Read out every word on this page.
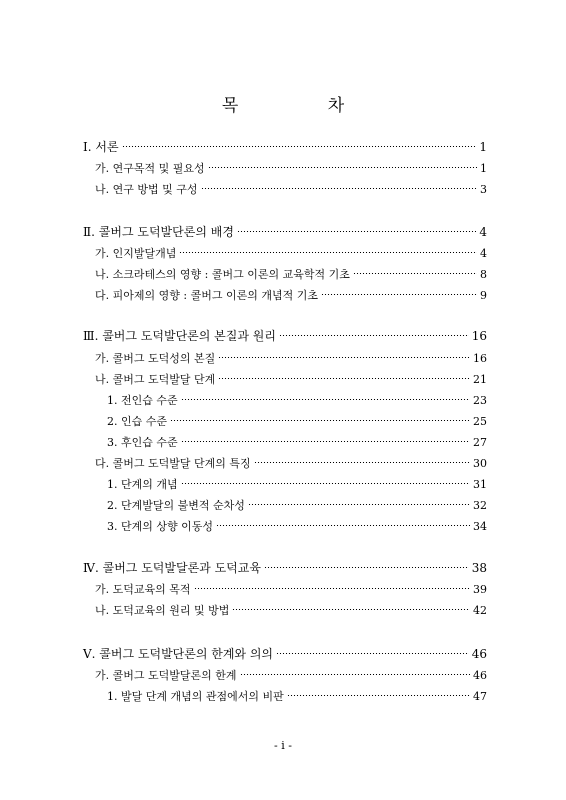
목 차
Ⅰ. 서론	1
가. 연구목적 및 필요성	1
나. 연구 방법 및 구성	3
Ⅱ. 콜버그 도덕발단론의 배경	4
가. 인지발달개념	4
나. 소크라테스의 영향 : 콜버그 이론의 교육학적 기초	8
다. 피아제의 영향 : 콜버그 이론의 개념적 기초	9
Ⅲ. 콜버그 도덕발단론의 본질과 원리	16
가. 콜버그 도덕성의 본질	16
나. 콜버그 도덕발달 단계	21
1. 전인습 수준	23
2. 인습 수준	25
3. 후인습 수준	27
다. 콜버그 도덕발달 단계의 특징	30
1. 단계의 개념	31
2. 단계발달의 불변적 순차성	32
3. 단계의 상향 이동성	34
Ⅳ. 콜버그 도덕발달론과 도덕교육	38
가. 도덕교육의 목적	39
나. 도덕교육의 원리 및 방법	42
Ⅴ. 콜버그 도덕발단론의 한계와 의의	46
가. 콜버그 도덕발달론의 한계	46
1. 발달 단계 개념의 관점에서의 비판	47
- i -
